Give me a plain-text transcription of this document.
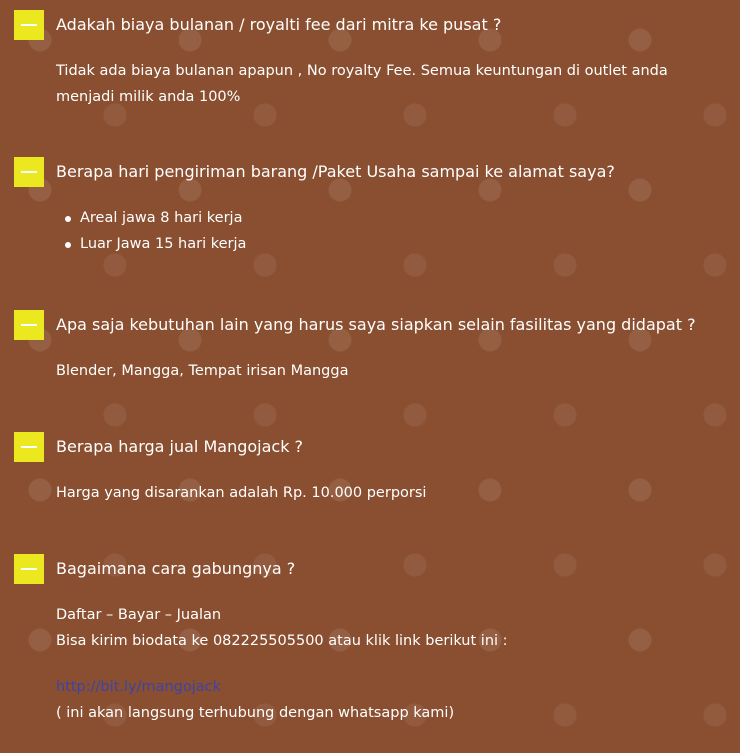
Adakah biaya bulanan / royalti fee dari mitra ke pusat ?

Tidak ada biaya bulanan apapun , No royalty Fee. Semua keuntungan di outlet anda menjadi milik anda 100%

Berapa hari pengiriman barang /Paket Usaha sampai ke alamat saya?
Areal jawa 8 hari kerja
Luar Jawa 15 hari kerja
Apa saja kebutuhan lain yang harus saya siapkan selain fasilitas yang didapat ?

Blender, Mangga, Tempat irisan Mangga

Berapa harga jual Mangojack ?

Harga yang disarankan adalah Rp. 10.000 perporsi

Bagaimana cara gabungnya ?

Daftar – Bayar – Jualan

Bisa kirim biodata ke 082225505500 atau klik link berikut ini :

http://bit.ly/mangojack

( ini akan langsung terhubung dengan whatsapp kami)
